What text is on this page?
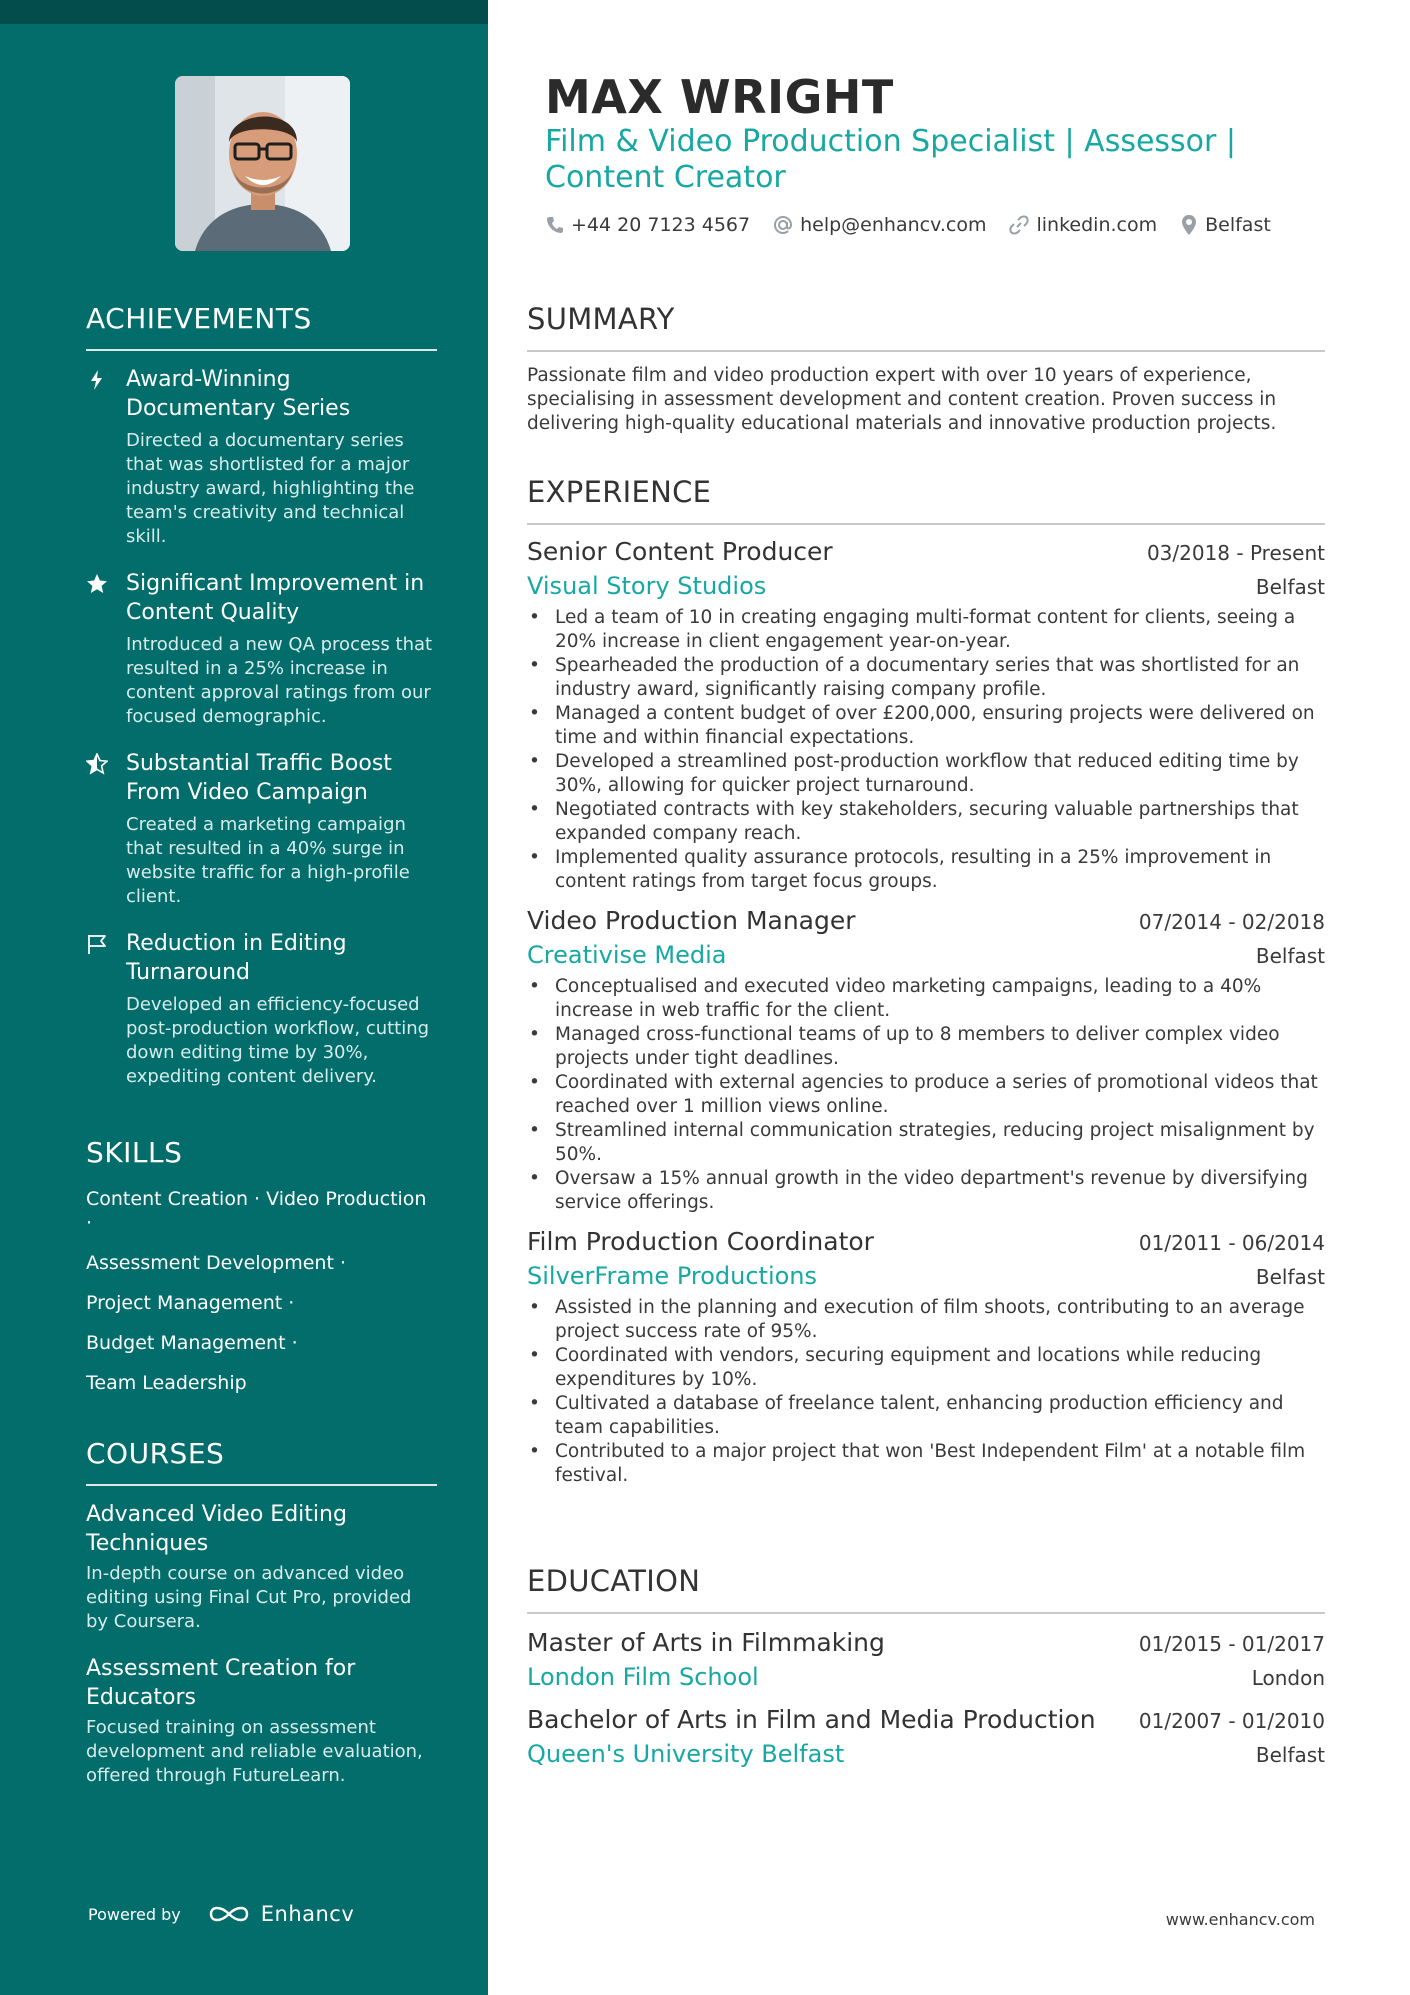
ACHIEVEMENTS
Award-Winning Documentary Series
Directed a documentary series that was shortlisted for a major industry award, highlighting the team's creativity and technical skill.
Significant Improvement in Content Quality
Introduced a new QA process that resulted in a 25% increase in content approval ratings from our focused demographic.
Substantial Traffic Boost From Video Campaign
Created a marketing campaign that resulted in a 40% surge in website traffic for a high-profile client.
Reduction in Editing Turnaround
Developed an efficiency-focused post-production workflow, cutting down editing time by 30%, expediting content delivery.
SKILLS
Content Creation · Video Production ·
Assessment Development ·
Project Management ·
Budget Management ·
Team Leadership
COURSES
Advanced Video Editing Techniques
In-depth course on advanced video editing using Final Cut Pro, provided by Coursera.
Assessment Creation for Educators
Focused training on assessment development and reliable evaluation, offered through FutureLearn.
Powered by	Enhancv
MAX WRIGHT
Film & Video Production Specialist | Assessor | Content Creator
+44 20 7123 4567	help@enhancv.com	linkedin.com	Belfast
SUMMARY
Passionate film and video production expert with over 10 years of experience, specialising in assessment development and content creation. Proven success in delivering high-quality educational materials and innovative production projects.
EXPERIENCE
Senior Content Producer	03/2018 - Present
Visual Story Studios	Belfast
• Led a team of 10 in creating engaging multi-format content for clients, seeing a 20% increase in client engagement year-on-year.
• Spearheaded the production of a documentary series that was shortlisted for an industry award, significantly raising company profile.
• Managed a content budget of over £200,000, ensuring projects were delivered on time and within financial expectations.
• Developed a streamlined post-production workflow that reduced editing time by 30%, allowing for quicker project turnaround.
• Negotiated contracts with key stakeholders, securing valuable partnerships that expanded company reach.
• Implemented quality assurance protocols, resulting in a 25% improvement in content ratings from target focus groups.
Video Production Manager	07/2014 - 02/2018
Creativise Media	Belfast
• Conceptualised and executed video marketing campaigns, leading to a 40% increase in web traffic for the client.
• Managed cross-functional teams of up to 8 members to deliver complex video projects under tight deadlines.
• Coordinated with external agencies to produce a series of promotional videos that reached over 1 million views online.
• Streamlined internal communication strategies, reducing project misalignment by 50%.
• Oversaw a 15% annual growth in the video department's revenue by diversifying service offerings.
Film Production Coordinator	01/2011 - 06/2014
SilverFrame Productions	Belfast
• Assisted in the planning and execution of film shoots, contributing to an average project success rate of 95%.
• Coordinated with vendors, securing equipment and locations while reducing expenditures by 10%.
• Cultivated a database of freelance talent, enhancing production efficiency and team capabilities.
• Contributed to a major project that won 'Best Independent Film' at a notable film festival.
EDUCATION
Master of Arts in Filmmaking	01/2015 - 01/2017
London Film School	London
Bachelor of Arts in Film and Media Production 01/2007 - 01/2010
Queen's University Belfast	Belfast
www.enhancv.com
